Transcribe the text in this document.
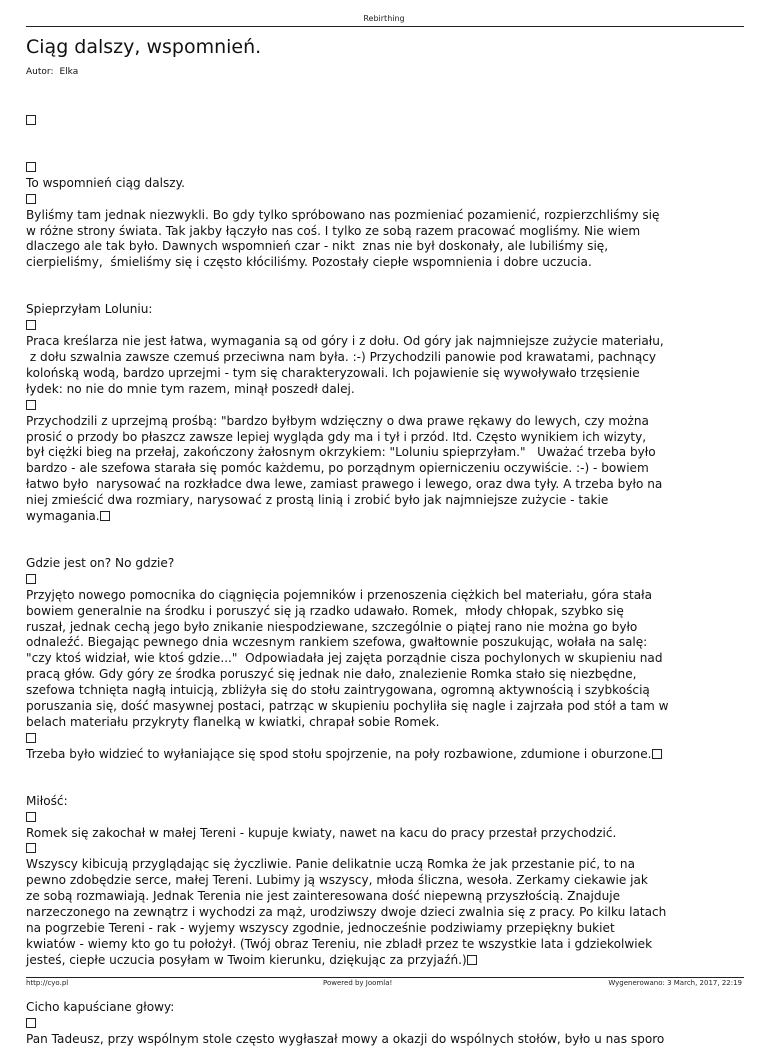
Rebirthing
Ciąg dalszy, wspomnień.
Autor: Elka

To wspomnień ciąg dalszy.

Byliśmy tam jednak niezwykli. Bo gdy tylko spróbowano nas pozmieniać pozamienić, rozpierzchliśmy się
w różne strony świata. Tak jakby łączyło nas coś. I tylko ze sobą razem pracować mogliśmy. Nie wiem
dlaczego ale tak było. Dawnych wspomnień czar - nikt  znas nie był doskonały, ale lubiliśmy się,
cierpieliśmy,  śmieliśmy się i często kłóciliśmy. Pozostały ciepłe wspomnienia i dobre uczucia.

Spieprzyłam Loluniu:

Praca kreślarza nie jest łatwa, wymagania są od góry i z dołu. Od góry jak najmniejsze zużycie materiału,
z dołu szwalnia zawsze czemuś przeciwna nam była. :-) Przychodzili panowie pod krawatami, pachnący
kolońską wodą, bardzo uprzejmi - tym się charakteryzowali. Ich pojawienie się wywoływało trzęsienie
łydek: no nie do mnie tym razem, minął poszedł dalej.

Przychodzili z uprzejmą prośbą: "bardzo byłbym wdzięczny o dwa prawe rękawy do lewych, czy można
prosić o przody bo płaszcz zawsze lepiej wygląda gdy ma i tył i przód. Itd. Często wynikiem ich wizyty,
był ciężki bieg na przełaj, zakończony żałosnym okrzykiem: "Loluniu spieprzyłam."   Uważać trzeba było
bardzo - ale szefowa starała się pomóc każdemu, po porządnym opierniczeniu oczywiście. :-) - bowiem
łatwo było  narysować na rozkładce dwa lewe, zamiast prawego i lewego, oraz dwa tyły. A trzeba było na
niej zmieścić dwa rozmiary, narysować z prostą linią i zrobić było jak najmniejsze zużycie - takie
wymagania.

Gdzie jest on? No gdzie?

Przyjęto nowego pomocnika do ciągnięcia pojemników i przenoszenia ciężkich bel materiału, góra stała
bowiem generalnie na środku i poruszyć się ją rzadko udawało. Romek,  młody chłopak, szybko się
ruszał, jednak cechą jego było znikanie niespodziewane, szczególnie o piątej rano nie można go było
odnaleźć. Biegając pewnego dnia wczesnym rankiem szefowa, gwałtownie poszukując, wołała na salę:
"czy ktoś widział, wie ktoś gdzie..."  Odpowiadała jej zajęta porządnie cisza pochylonych w skupieniu nad
pracą głów. Gdy góry ze środka poruszyć się jednak nie dało, znalezienie Romka stało się niezbędne,
szefowa tchnięta nagłą intuicją, zbliżyła się do stołu zaintrygowana, ogromną aktywnością i szybkością
poruszania się, dość masywnej postaci, patrząc w skupieniu pochyliła się nagle i zajrzała pod stół a tam w
belach materiału przykryty flanelką w kwiatki, chrapał sobie Romek.

Trzeba było widzieć to wyłaniające się spod stołu spojrzenie, na poły rozbawione, zdumione i oburzone.

Miłość:

Romek się zakochał w małej Tereni - kupuje kwiaty, nawet na kacu do pracy przestał przychodzić.

Wszyscy kibicują przyglądając się życzliwie. Panie delikatnie uczą Romka że jak przestanie pić, to na
pewno zdobędzie serce, małej Tereni. Lubimy ją wszyscy, młoda śliczna, wesoła. Zerkamy ciekawie jak
ze sobą rozmawiają. Jednak Terenia nie jest zainteresowana dość niepewną przyszłością. Znajduje
narzeczonego na zewnątrz i wychodzi za mąż, urodziwszy dwoje dzieci zwalnia się z pracy. Po kilku latach
na pogrzebie Tereni - rak - wyjemy wszyscy zgodnie, jednocześnie podziwiamy przepiękny bukiet
kwiatów - wiemy kto go tu położył. (Twój obraz Tereniu, nie zbladł przez te wszystkie lata i gdziekolwiek
jesteś, ciepłe uczucia posyłam w Twoim kierunku, dziękując za przyjaźń.)

Cicho kapuściane głowy:

Pan Tadeusz, przy wspólnym stole często wygłaszał mowy a okazji do wspólnych stołów, było u nas sporo

http://cyo.pl	Powered by Joomla!	Wygenerowano: 3 March, 2017, 22:19
